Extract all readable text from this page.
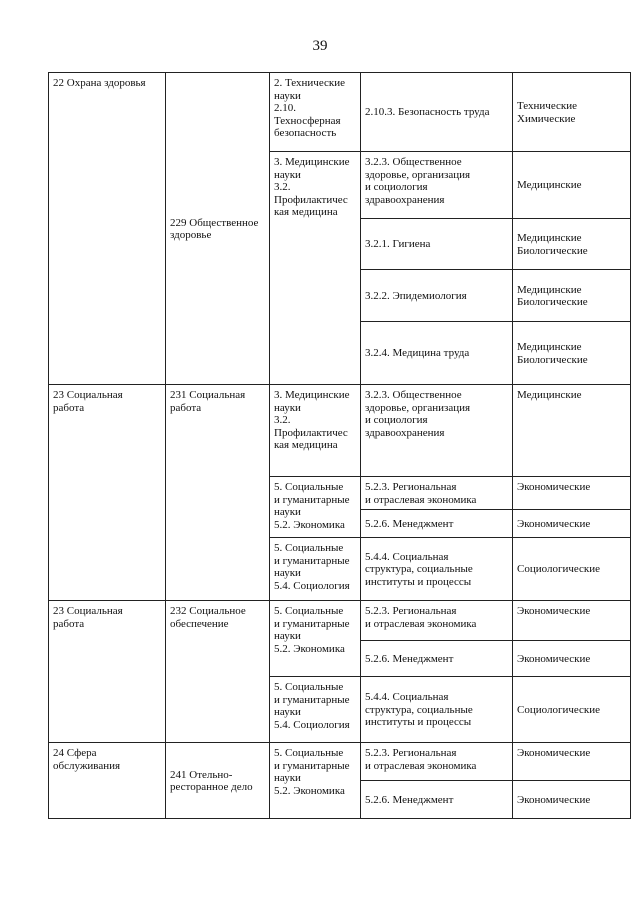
39
22 Охрана здоровья	229 Общественное
здоровье	2. Технические
науки
2.10.
Техносферная
безопасность	2.10.3. Безопасность труда	Технические
Химические

		3. Медицинские
науки
3.2.
Профилактичес
кая медицина	3.2.3. Общественное
здоровье, организация
и социология
здравоохранения	Медицинские

			3.2.1. Гигиена	Медицинские
Биологические

			3.2.2. Эпидемиология	Медицинские
Биологические

			3.2.4. Медицина труда	Медицинские
Биологические

23 Социальная
работа	231 Социальная
работа	3. Медицинские
науки
3.2.
Профилактичес
кая медицина	3.2.3. Общественное
здоровье, организация
и социология
здравоохранения	Медицинские

		5. Социальные
и гуманитарные
науки
5.2. Экономика	5.2.3. Региональная
и отраслевая экономика	Экономические

			5.2.6. Менеджмент	Экономические

		5. Социальные
и гуманитарные
науки
5.4. Социология	5.4.4. Социальная
структура, социальные
институты и процессы	Социологические

23 Социальная
работа	232 Социальное
обеспечение	5. Социальные
и гуманитарные
науки
5.2. Экономика	5.2.3. Региональная
и отраслевая экономика	Экономические

			5.2.6. Менеджмент	Экономические

		5. Социальные
и гуманитарные
науки
5.4. Социология	5.4.4. Социальная
структура, социальные
институты и процессы	Социологические

24 Сфера
обслуживания	241 Отельно-
ресторанное дело	5. Социальные
и гуманитарные
науки
5.2. Экономика	5.2.3. Региональная
и отраслевая экономика	Экономические

			5.2.6. Менеджмент	Экономические
